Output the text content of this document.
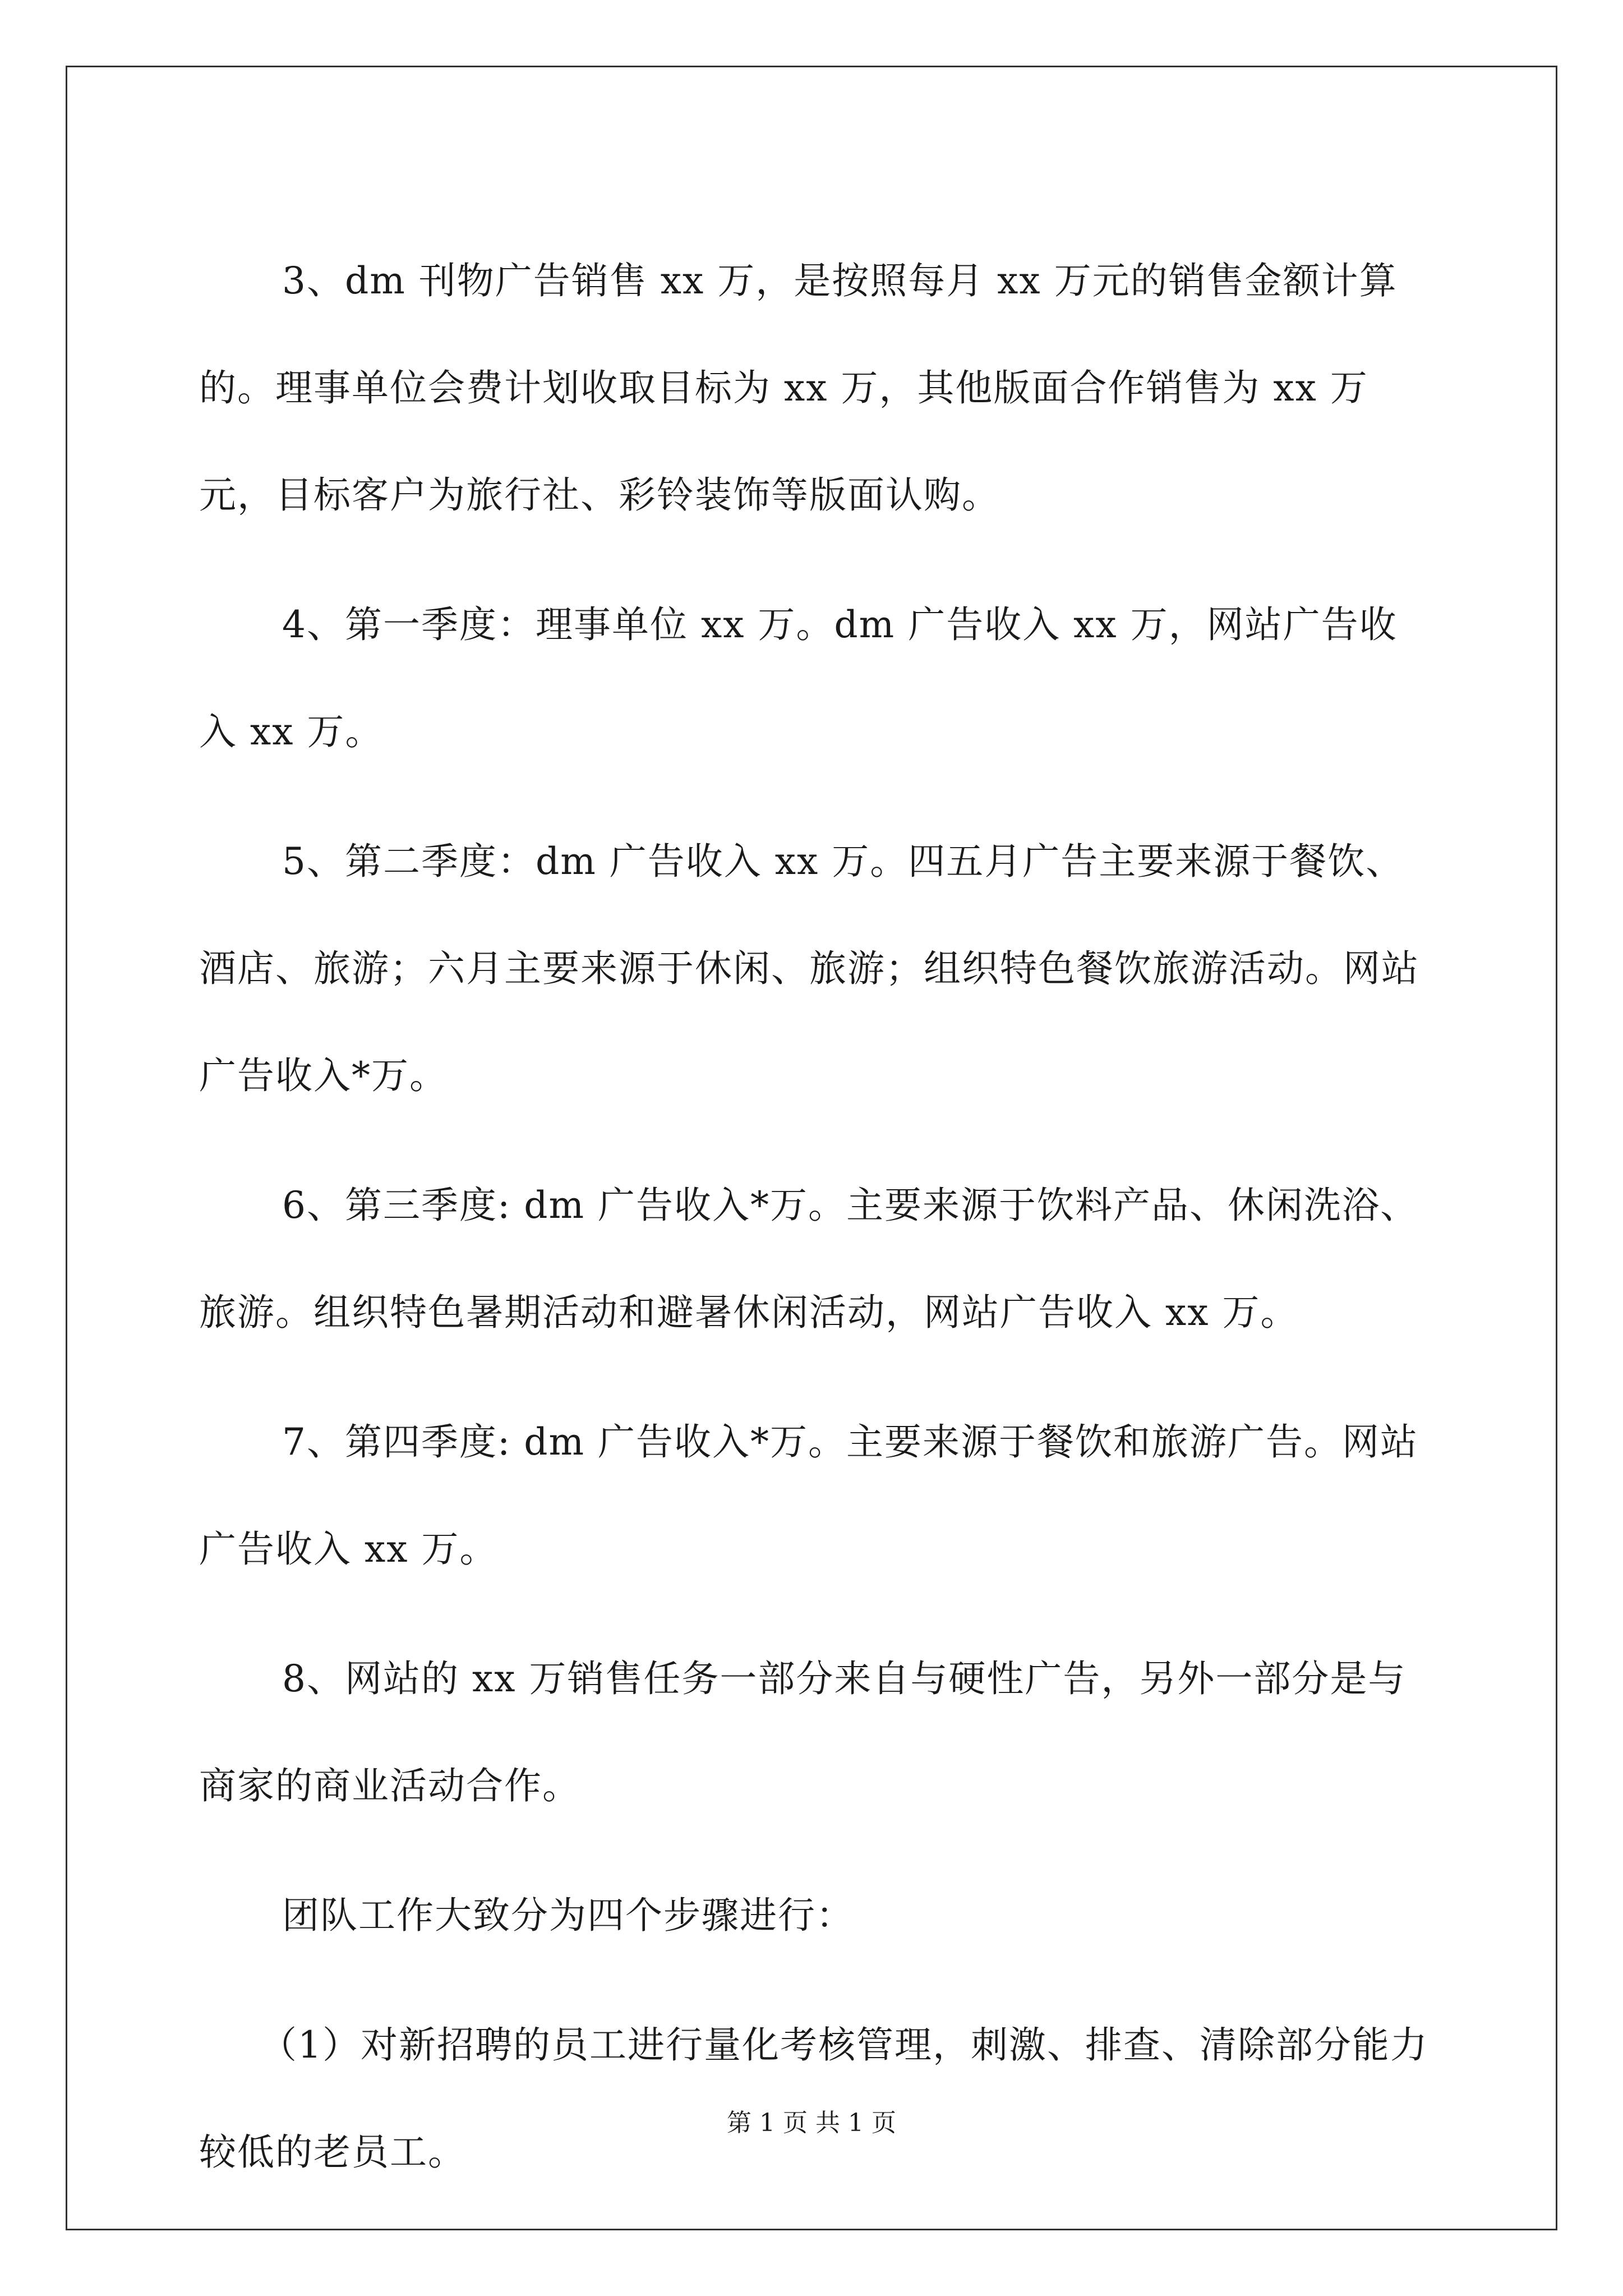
3、dm 刊物广告销售 xx 万，是按照每月 xx 万元的销售金额计算的。理事单位会费计划收取目标为 xx 万，其他版面合作销售为 xx 万元，目标客户为旅行社、彩铃装饰等版面认购。

4、第一季度：理事单位 xx 万。dm 广告收入 xx 万，网站广告收入 xx 万。

5、第二季度：dm 广告收入 xx 万。四五月广告主要来源于餐饮、酒店、旅游；六月主要来源于休闲、旅游；组织特色餐饮旅游活动。网站广告收入*万。

6、第三季度: dm 广告收入*万。主要来源于饮料产品、休闲洗浴、旅游。组织特色暑期活动和避暑休闲活动，网站广告收入 xx 万。

7、第四季度: dm 广告收入*万。主要来源于餐饮和旅游广告。网站广告收入 xx 万。

8、网站的 xx 万销售任务一部分来自与硬性广告，另外一部分是与商家的商业活动合作。

团队工作大致分为四个步骤进行：

（1）对新招聘的员工进行量化考核管理，刺激、排查、清除部分能力较低的老员工。

第 1 页 共 1 页
